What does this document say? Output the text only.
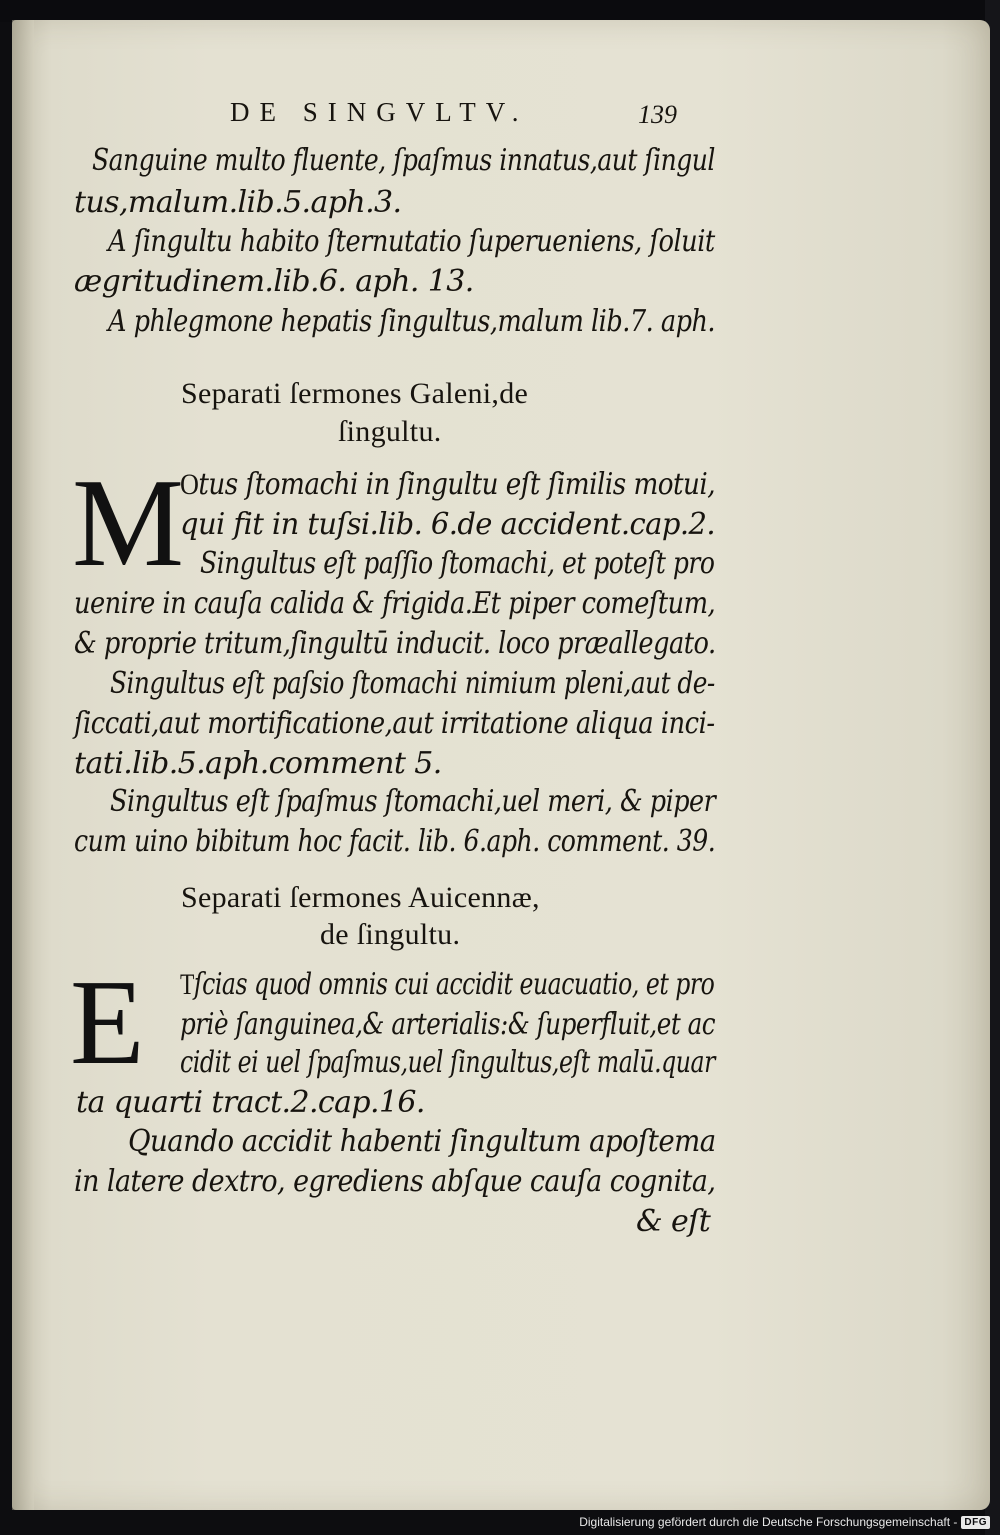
DE SINGVLTV.	139
Sanguine multo fluente, ſpaſmus innatus,aut ſingul
tus,malum.lib.5.aph.3.
A ſingultu habito ſternutatio ſuperueniens, ſoluit
ægritudinem.lib.6. aph. 13.
A phlegmone hepatis ſingultus,malum lib.7. aph.
Separati ſermones Galeni,de
ſingultu.
M
Otus ſtomachi in ſingultu eſt ſimilis motui,
qui fit in tuſsi.lib. 6.de accident.cap.2.
Singultus eſt paſſio ſtomachi, et poteſt pro
uenire in cauſa calida & frigida.Et piper comeſtum,
& proprie tritum,ſingultū inducit. loco præallegato.
Singultus eſt paſsio ſtomachi nimium pleni,aut de-
ſiccati,aut mortificatione,aut irritatione aliqua inci-
tati.lib.5.aph.comment 5.
Singultus eſt ſpaſmus ſtomachi,uel meri, & piper
cum uino bibitum hoc facit. lib. 6.aph. comment. 39.
Separati ſermones Auicennæ,
de ſingultu.
E Tſcias quod omnis cui accidit euacuatio, et pro
priè ſanguinea,& arterialis:& ſuperfluit,et ac
cidit ei uel ſpaſmus,uel ſingultus,eſt malū.quar
ta quarti tract.2.cap.16.
Quando accidit habenti ſingultum apoſtema
in latere dextro, egrediens abſque cauſa cognita,
& eſt
Digitalisierung gefördert durch die Deutsche Forschungsgemeinschaft - DFG
